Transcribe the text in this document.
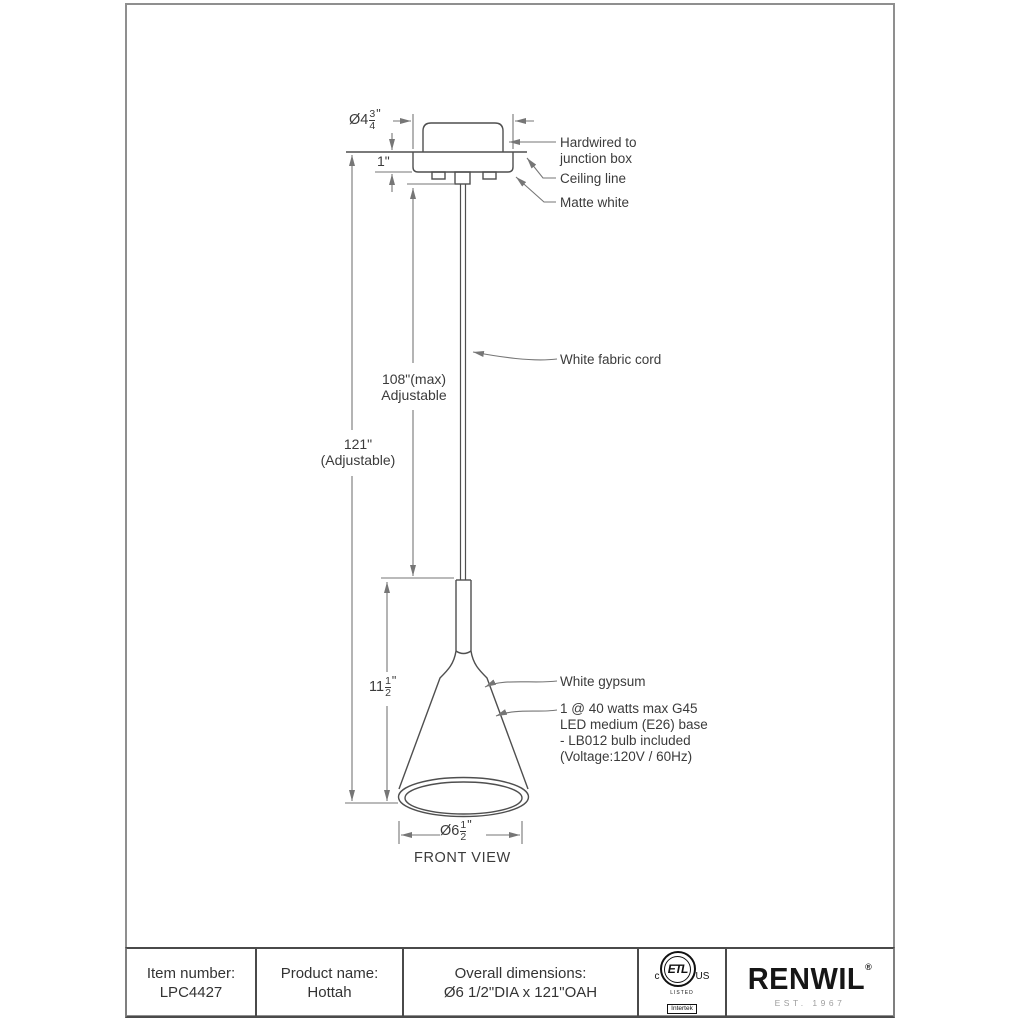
Ø4 $\frac{3}{4}$ "
1"
108"(max)
Adjustable
121"
(Adjustable)
$11 \frac{1}{2}$ "
Ø6 $\frac{1}{2}$ "
Hardwired to
junction box
Ceiling line
Matte white
White fabric cord
White gypsum
1 @ 40 watts max G45
LED medium (E26) base
- LB012 bulb included
(Voltage:120V / 60Hz)
FRONT VIEW
Item number:
LPC4427
Product name:
Hottah
Overall dimensions:
Ø6 1/2"DIA x 121"OAH
c
ETL
US
LISTED
Intertek
RENWIL®
EST. 1967
